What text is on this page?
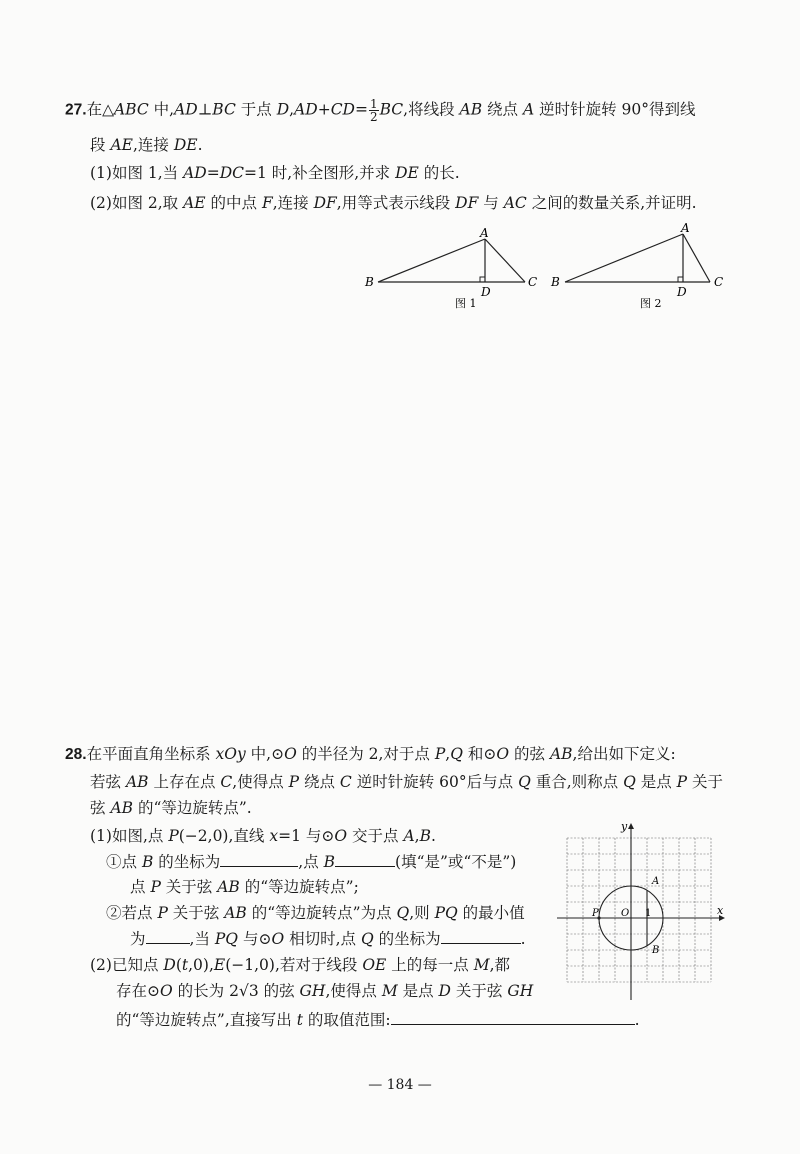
27.在△ABC 中,AD⊥BC 于点 $D,AD+CD= \frac{1}{2}$ BC,将线段 AB 绕点 A 逆时针旋转 90°得到线
段 AE,连接 DE.
(1)如图 1,当 AD=DC=1 时,补全图形,并求 DE 的长.
(2)如图 2,取 AE 的中点 F,连接 DF,用等式表示线段 DF 与 AC 之间的数量关系,并证明.
A
B	C
D
图 1
A
B	C
D
图 2
28.在平面直角坐标系 xOy 中,⊙O 的半径为 2,对于点 P,Q 和⊙O 的弦 AB,给出如下定义:
若弦 AB 上存在点 C,使得点 P 绕点 C 逆时针旋转 60°后与点 Q 重合,则称点 Q 是点 P 关于
弦 AB 的“等边旋转点”.
(1)如图,点 P(−2,0),直线 x=1 与⊙O 交于点 A,B.
①点 B 的坐标为	,点 B	(填“是”或“不是”)
点 P 关于弦 AB 的“等边旋转点”;
②若点 P 关于弦 AB 的“等边旋转点”为点 Q,则 PQ 的最小值
为	,当 PQ 与⊙O 相切时,点 Q 的坐标为	.
(2)已知点 D(t,0),E(−1,0),若对于线段 OE 上的每一点 M,都
存在⊙O 的长为 2√3 的弦 GH,使得点 M 是点 D 关于弦 GH
的“等边旋转点”,直接写出 t 的取值范围:	.
y
x
O 1
P
A
B
— 184 —
